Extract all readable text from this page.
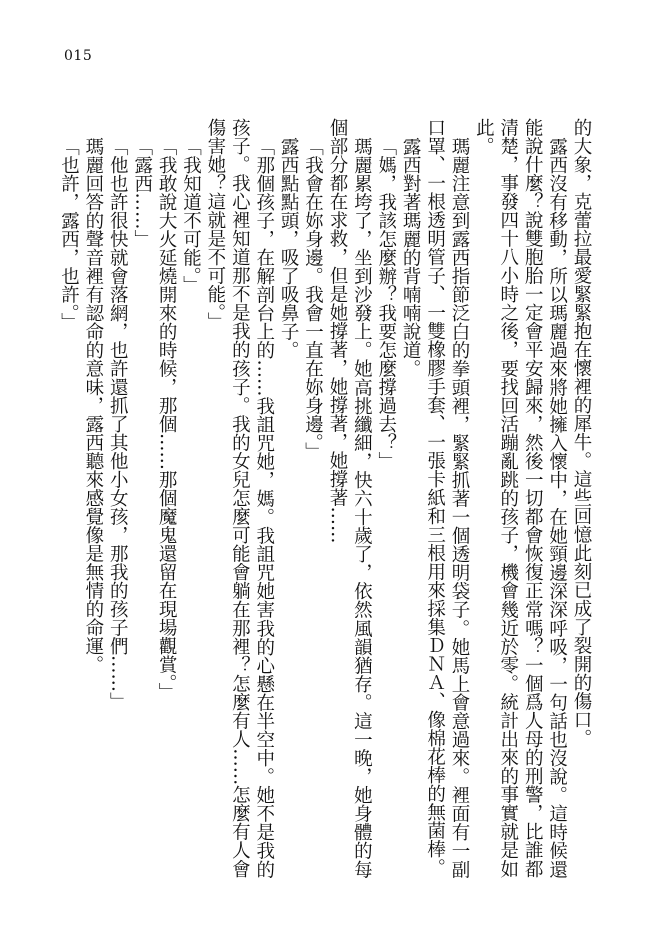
015

的大象，克蕾拉最愛緊緊抱在懷裡的犀牛。這些回憶此刻已成了裂開的傷口。

露西沒有移動，所以瑪麗過來將她擁入懷中，在她頸邊深深呼吸，一句話也沒說。這時候還能說什麼？說雙胞胎一定會平安歸來，然後一切都會恢復正常嗎？一個爲人母的刑警，比誰都清楚，事發四十八小時之後，要找回活蹦亂跳的孩子，機會幾近於零。統計出來的事實就是如此。

瑪麗注意到露西指節泛白的拳頭裡，緊緊抓著一個透明袋子。她馬上會意過來。裡面有一副口罩、一根透明管子、一雙橡膠手套、一張卡紙和三根用來採集ＤＮＡ、像棉花棒的無菌棒。

露西對著瑪麗的背喃喃說道。

「媽，我該怎麼辦？我要怎麼撐過去？」

瑪麗累垮了，坐到沙發上。她高挑纖細，快六十歲了，依然風韻猶存。這一晚，她身體的每個部分都在求救，但是她撐著，她撐著，她撐著……

「我會在妳身邊。我會一直在妳身邊。」

露西點點頭，吸了吸鼻子。

「那個孩子，在解剖台上的……我詛咒她，媽。我詛咒她害我的心懸在半空中。她不是我的孩子。我心裡知道那不是我的孩子。我的女兒怎麼可能會躺在那裡？怎麼有人……怎麼有人會傷害她？這就是不可能。」

「我知道不可能。」

「我敢說大火延燒開來的時候，那個……那個魔鬼還留在現場觀賞。」

「露西……」

「他也許很快就會落網，也許還抓了其他小女孩，那我的孩子們……」

瑪麗回答的聲音裡有認命的意味，露西聽來感覺像是無情的命運。

「也許，露西，也許。」
